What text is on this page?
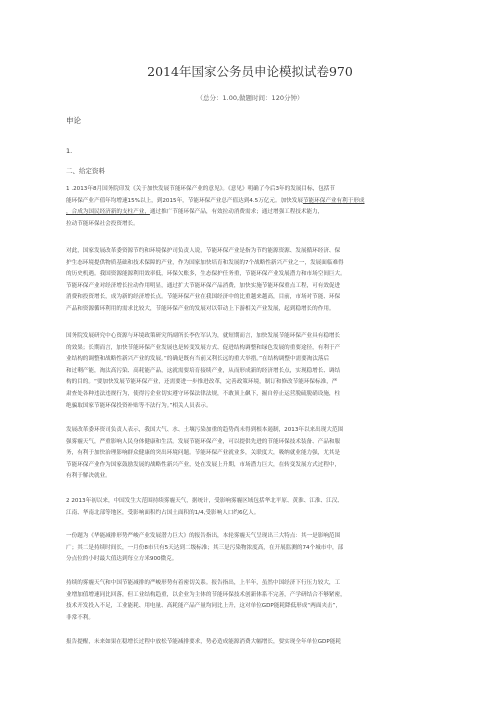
2014年国家公务员申论模拟试卷970
（总分：1.00,做题时间：120分钟）
申论
1.
二、给定资料
1 .2013年8月国务院印发《关于加快发展节能环保产业的意见》。《意见》明确了今后3年的发展目标，包括节
能环保产业产值年均增速15%以上，到2015年，节能环保产业总产值达到4.5万亿元。加快发展节能环保产业有利于形成
，合成为国民经济新的支柱产业，通过推广节能环保产品，有效拉动消费需求；通过增强工程技术能力，
拉动节能环保社会投资增长。
对此，国家发展改革委资源节约和环境保护司负责人说，节能环保产业是指为节约能源资源、发展循环经济、保
护生态环境提供物质基础和技术保障的产业，作为国家加快培育和发展的7个战略性新兴产业之一，发展面临难得
的历史机遇。我国资源能源利用效率低，环保欠账多，生态保护任务重，节能环保产业发展潜力和市场空间巨大。
节能环保产业对经济增长拉动作用明显，通过扩大节能环保产品消费，加快实施节能环保重点工程，可有效促进
消费和投资增长，成为新的经济增长点。节能环保产业在我国经济中的比重越来越高，目前，市场对节能、环保
产品和资源循环利用的需求比较大，节能环保产业的发展对以带动上下游相关产业发展，起到稳增长的作用。
国务院发展研究中心资源与环境政策研究所副所长李佐军认为，就短期而言，加快发展节能环保产业具有稳增长
的效果；长期而言，加快节能环保产业发展也是转变发展方式、促进结构调整和绿色发展的重要途径，有利于产
业结构的调整和战略性新兴产业的发展。”的确是既有当前又利长远的重大举措。”在结构调整中需要淘汰落后
和过剩产能，淘汰高污染、高耗能产品，这就需要培育接续产业，从而形成新的经济增长点，实现稳增长、调结
构的目的。“要加快发展节能环保产业，还需要进一步推进改革，完善政策环境，制订和修改节能环保标准，严
肃查处各种违法违规行为，使得污企业切实遵守环保法律法规，不敢顶上飙下，掘自停止运营脱硫脱硝设施，柱
绝骗取国家节能环保投资补贴等不法行为。”相关人员表示。
发展改革委环资司负责人表示，我国大气、水、土壤污染加重的趋势尚未得到根本遏制，2013年以来出现大范围
强雾霾天气，严重影响人民身体健康和生活。发展节能环保产业，可以提供先进的节能环保技术装备、产品和服
务，有利于加快治理影响群众健康的突出环境问题。节能环保产业就业多，关联度大，吸纳就业能力强，尤其是
节能环保产业作为国家鼓励发展的战略性新兴产业，处在发展上升期，市场潜力巨大，在转变发展方式过程中，
有利于解决就业。
2 2013年初以来，中国发生大范围持续雾霾天气，据统计，受影响雾霾区域包括华北平原、黄淮、江淮、江汉、
江南、华南北部等地区，受影响面积约占国土面积的1/4,受影响人口约6亿人。
一份题为《华能减排形势严峻产业发展潜力巨大》的报告指出，本轮雾霾天气呈现出三大特点：其一是影响范围
广；其二是持续时间长，一月份8市只有5天达到二级标准；其三是污染物浓度高，在开展监测的74个城市中，部
分点位的小时最大值达到每立方米900微克。
持续的雾霾天气和中国节能减排的严峻形势有着密切关系。报告指出，上半年，虽然中国经济下行压力较大，工
业增加值增速同比回落，但工业结构趋重，以企业为主体的节能环保技术创新体系不完善，产学研结合不够紧密，
技术开发投入不足，工业能耗、用电量、高耗能产品产量均同比上升，这对单位GDP能耗降低形成“两面夹击”，
非常不利。
报告提醒，未来如果在稳增长过程中放松节能减排要求，势必造成能源消费大幅增长，要实现全年单位GDP能耗
